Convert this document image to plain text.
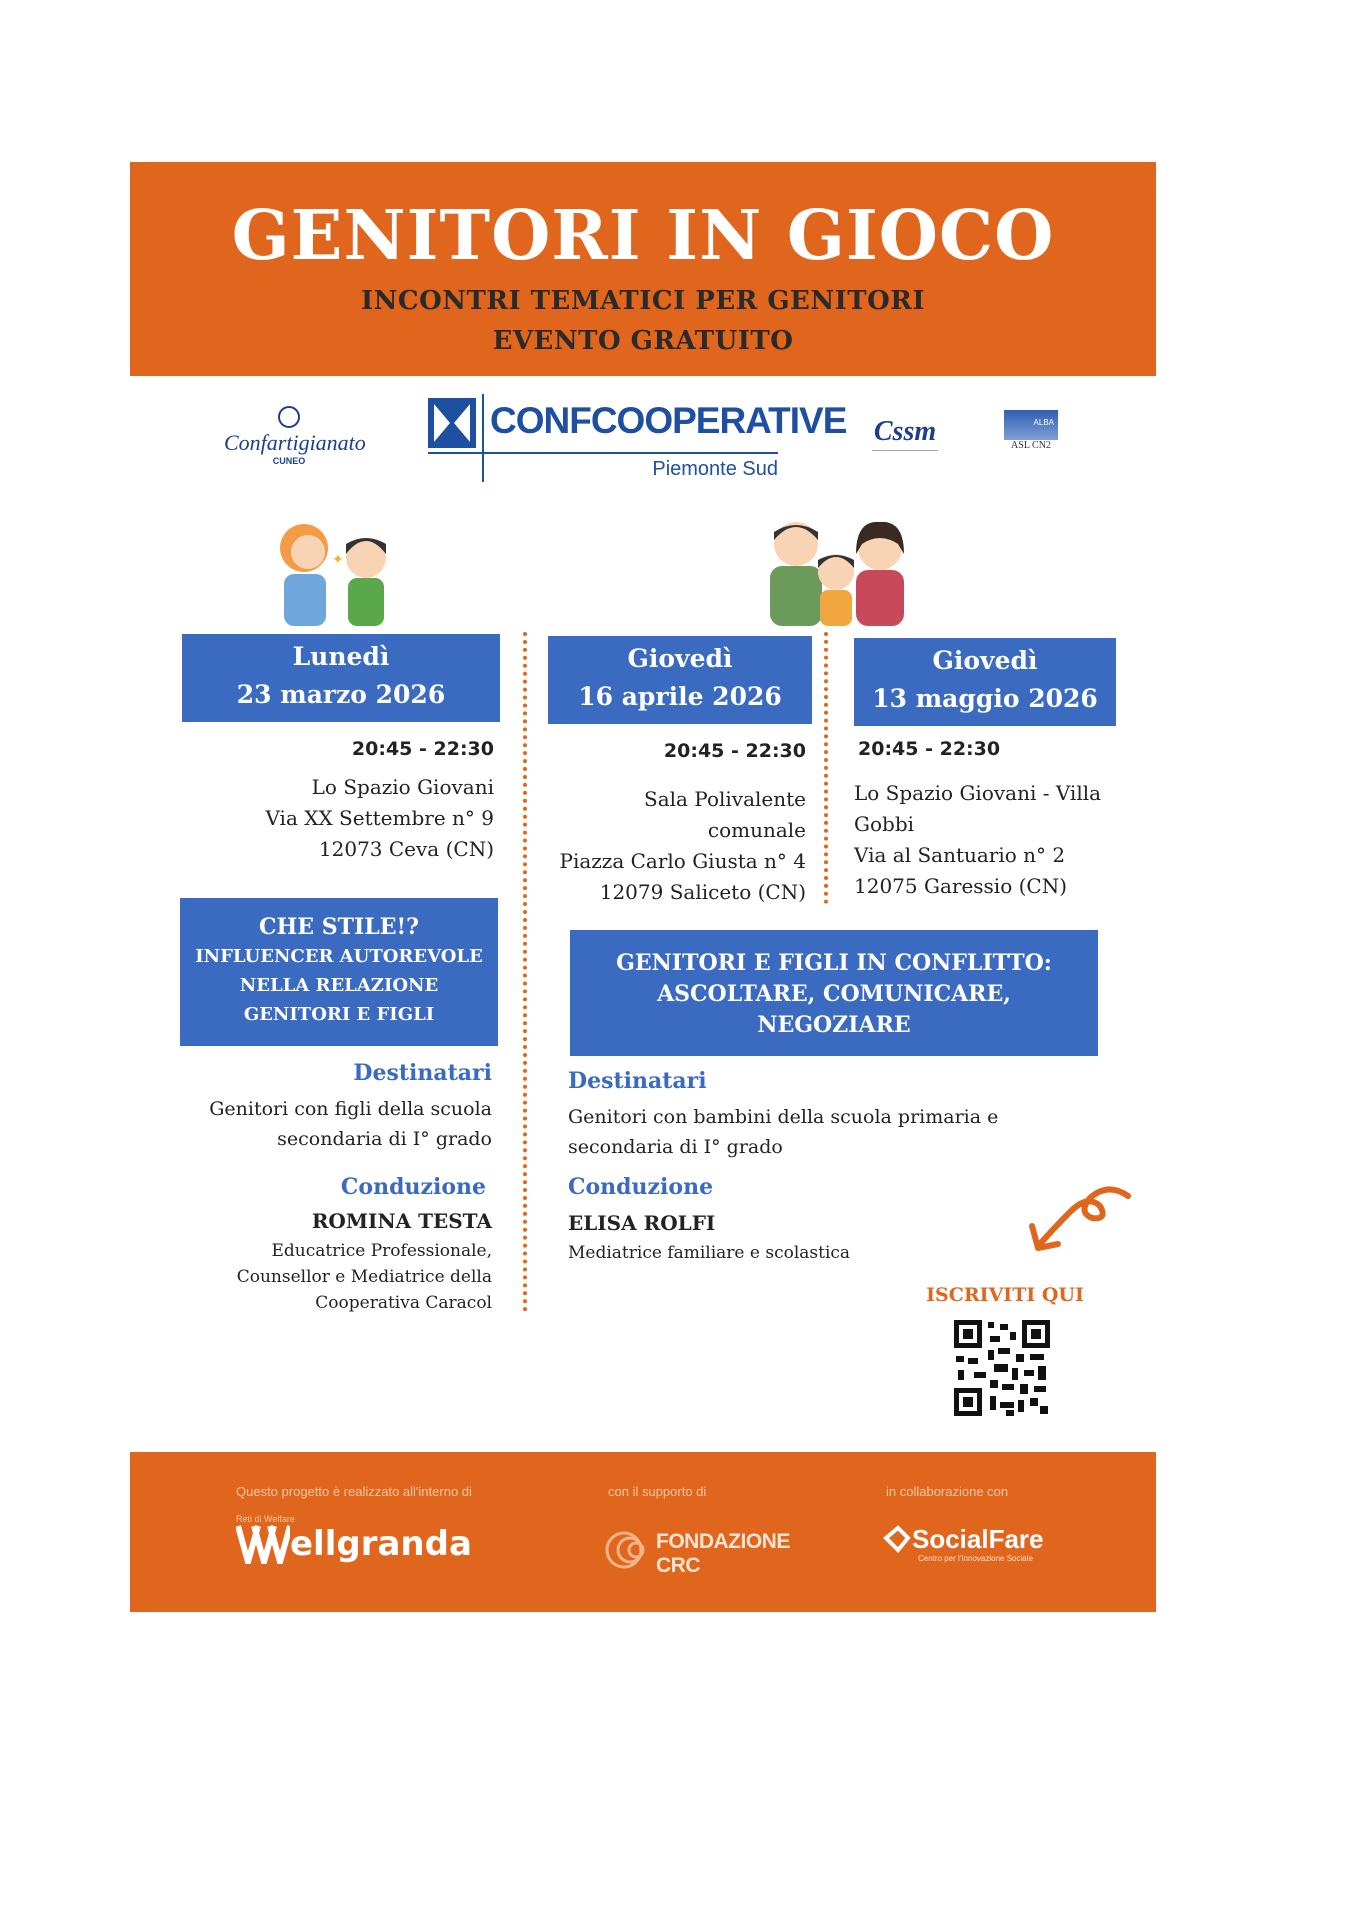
GENITORI IN GIOCO
INCONTRI TEMATICI PER GENITORI
EVENTO GRATUITO
Confartigianato
CUNEO
CONFCOOPERATIVE
Piemonte Sud
Cssm	ALBA
ASL CN2
✦
Lunedì
23 marzo 2026
Giovedì
16 aprile 2026
Giovedì
13 maggio 2026
20:45 - 22:30
Lo Spazio Giovani
Via XX Settembre n° 9
12073 Ceva (CN)
20:45 - 22:30
Sala Polivalente
comunale
Piazza Carlo Giusta n° 4
12079 Saliceto (CN)
20:45 - 22:30
Lo Spazio Giovani - Villa
Gobbi
Via al Santuario n° 2
12075 Garessio (CN)
CHE STILE!?
INFLUENCER AUTOREVOLE
NELLA RELAZIONE
GENITORI E FIGLI
Destinatari
Genitori con figli della scuola
secondaria di I° grado
Conduzione
ROMINA TESTA
Educatrice Professionale,
Counsellor e Mediatrice della
Cooperativa Caracol
GENITORI E FIGLI IN CONFLITTO:
ASCOLTARE, COMUNICARE,
NEGOZIARE
Destinatari
Genitori con bambini della scuola primaria e
secondaria di I° grado
Conduzione
ELISA ROLFI
Mediatrice familiare e scolastica
ISCRIVITI QUI
Questo progetto è realizzato all'interno di	con il supporto di	in collaborazione con
Reti di Welfare
ellgranda	FONDAZIONE CRC
SocialFare
Centro per l'Innovazione Sociale
